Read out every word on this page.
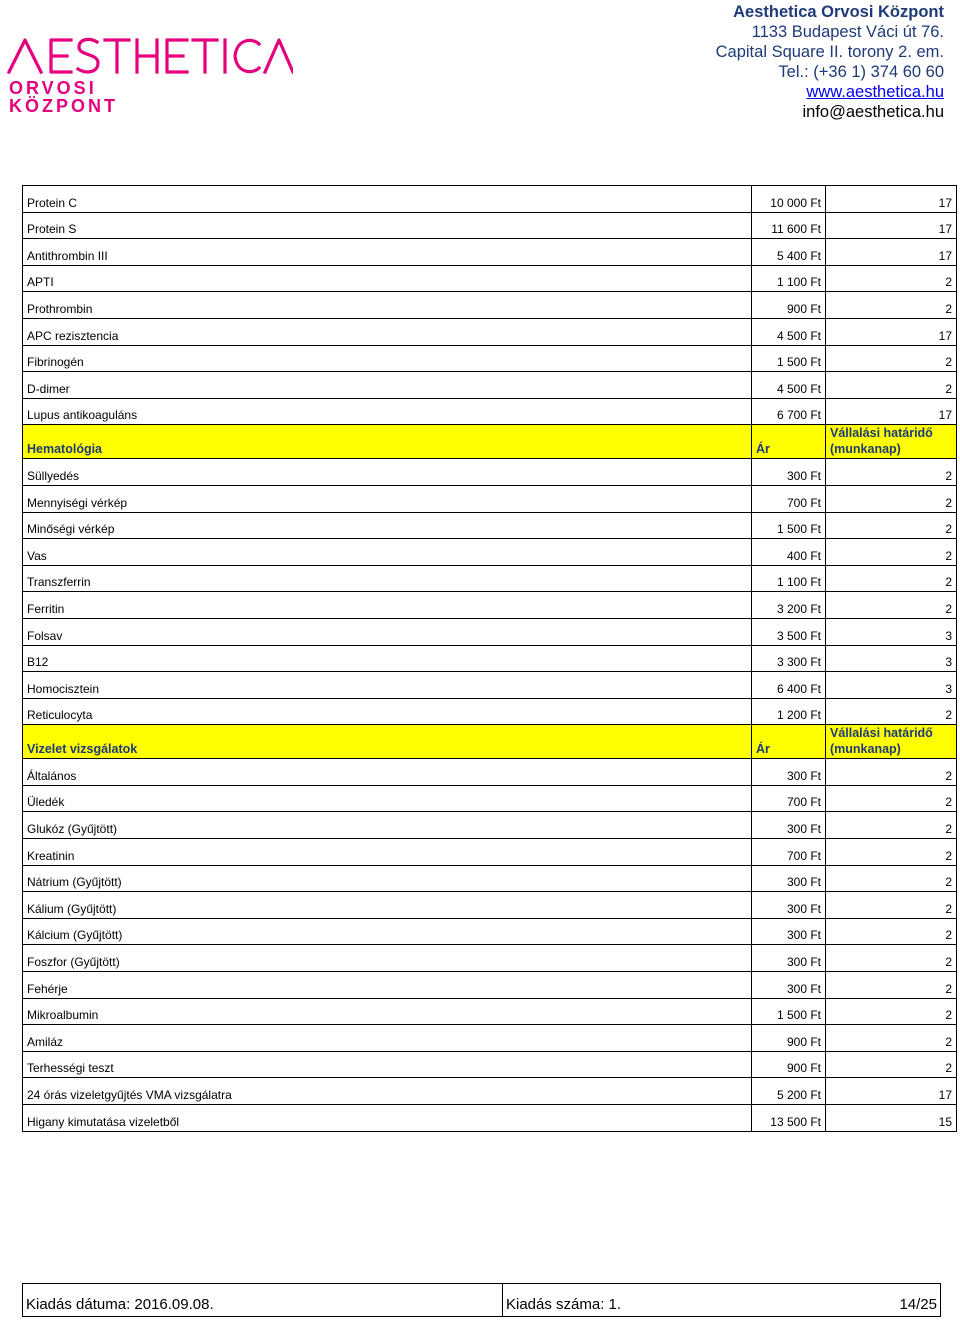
ORVOSI
KÖZPONT
Aesthetica Orvosi Központ
1133 Budapest Váci út 76.
Capital Square II. torony 2. em.
Tel.: (+36 1) 374 60 60
www.aesthetica.hu
info@aesthetica.hu
Protein C	10 000 Ft	17
Protein S	11 600 Ft	17
Antithrombin III	5 400 Ft	17
APTI	1 100 Ft	2
Prothrombin	900 Ft	2
APC rezisztencia	4 500 Ft	17
Fibrinogén	1 500 Ft	2
D-dimer	4 500 Ft	2
Lupus antikoaguláns	6 700 Ft	17
Hematológia	Ár	Vállalási határidő
(munkanap)

Süllyedés	300 Ft	2
Mennyiségi vérkép	700 Ft	2
Minőségi vérkép	1 500 Ft	2
Vas	400 Ft	2
Transzferrin	1 100 Ft	2
Ferritin	3 200 Ft	2
Folsav	3 500 Ft	3
B12	3 300 Ft	3
Homocisztein	6 400 Ft	3
Reticulocyta	1 200 Ft	2
Vizelet vizsgálatok	Ár	Vállalási határidő
(munkanap)

Általános	300 Ft	2
Üledék	700 Ft	2
Glukóz (Gyűjtött)	300 Ft	2
Kreatinin	700 Ft	2
Nátrium (Gyűjtött)	300 Ft	2
Kálium (Gyűjtött)	300 Ft	2
Kálcium (Gyűjtött)	300 Ft	2
Foszfor (Gyűjtött)	300 Ft	2
Fehérje	300 Ft	2
Mikroalbumin	1 500 Ft	2
Amiláz	900 Ft	2
Terhességi teszt	900 Ft	2
24 órás vizeletgyűjtés VMA vizsgálatra	5 200 Ft	17
Higany kimutatása vizeletből	13 500 Ft	15
Kiadás dátuma: 2016.09.08.	Kiadás száma: 1.	14/25
